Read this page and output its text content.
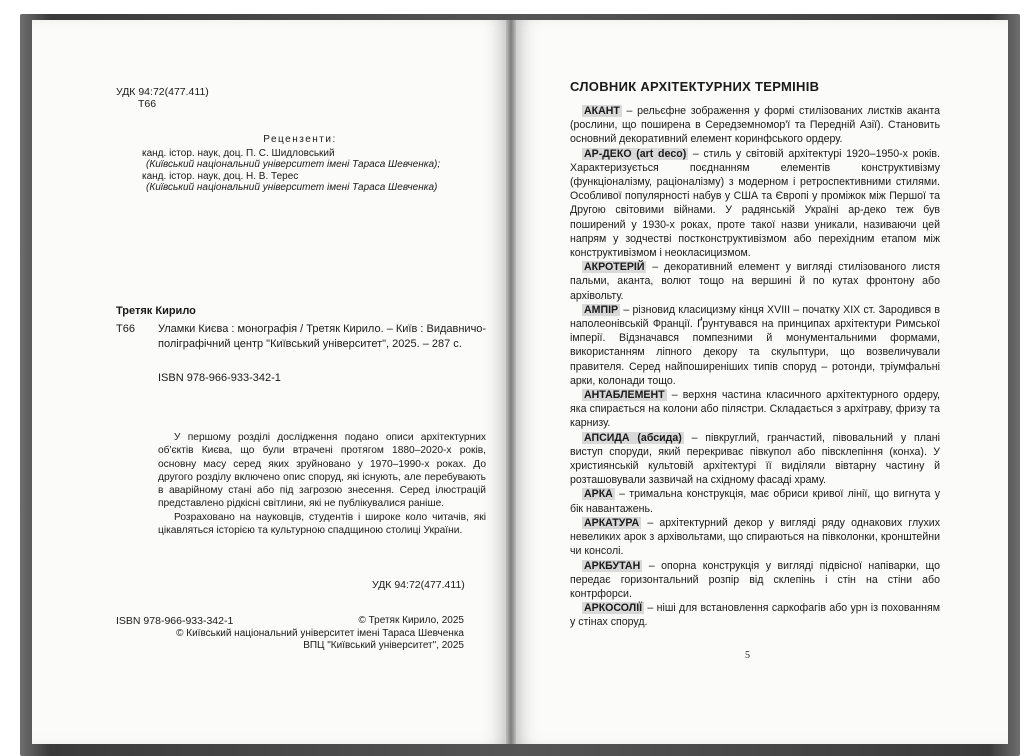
УДК 94:72(477.411)
Т66
Рецензенти:
канд. істор. наук, доц. П. С. Шидловський
(Київський національний університет імені Тараса Шевченка);
канд. істор. наук, доц. Н. В. Терес
(Київський національний університет імені Тараса Шевченка)
Третяк Кирило
Т66 Уламки Києва : монографія / Третяк Кирило. – Київ : Видавничо-поліграфічний центр "Київський університет", 2025. – 287 с.
ISBN 978-966-933-342-1

У першому розділі дослідження подано описи архітектурних об'єктів Києва, що були втрачені протягом 1880–2020-х років, основну масу серед яких зруйновано у 1970–1990-х роках. До другого розділу включено опис споруд, які існують, але перебувають в аварійному стані або під загрозою знесення. Серед ілюстрацій представлено рідкісні світлини, які не публікувалися раніше.

Розраховано на науковців, студентів і широке коло читачів, які цікавляться історією та культурною спадщиною столиці України.

УДК 94:72(477.411)
ISBN 978-966-933-342-1	© Третяк Кирило, 2025
© Київський національний університет імені Тараса Шевченка
ВПЦ "Київський університет", 2025
СЛОВНИК АРХІТЕКТУРНИХ ТЕРМІНІВ

АКАНТ – рельєфне зображення у формі стилізованих листків аканта (рослини, що поширена в Середземномор'ї та Передній Азії). Становить основний декоративний елемент коринфського ордеру.

АР-ДЕКО (art deco) – стиль у світовій архітектурі 1920–1950-х років. Характеризується поєднанням елементів конструктивізму (функціоналізму, раціоналізму) з модерном і ретроспективними стилями. Особливої популярності набув у США та Європі у проміжок між Першої та Другою світовими війнами. У радянській Україні ар-деко теж був поширений у 1930-х роках, проте такої назви уникали, називаючи цей напрям у зодчестві постконструктивізмом або перехідним етапом між конструктивізмом і неокласицизмом.

АКРОТЕРІЙ – декоративний елемент у вигляді стилізованого листя пальми, аканта, волют тощо на вершині й по кутах фронтону або архівольту.

АМПІР – різновид класицизму кінця XVIII – початку XIX ст. Зародився в наполеонівській Франції. Ґрунтувався на принципах архітектури Римської імперії. Відзначався помпезними й монументальними формами, використанням ліпного декору та скульптури, що возвеличували правителя. Серед найпоширеніших типів споруд – ротонди, тріумфальні арки, колонади тощо.

АНТАБЛЕМЕНТ – верхня частина класичного архітектурного ордеру, яка спирається на колони або пілястри. Складається з архітраву, фризу та карнизу.

АПСИДА (абсида) – півкруглий, гранчастий, півовальний у плані виступ споруди, який перекриває півкупол або півсклепіння (конха). У християнській культовій архітектурі її виділяли вівтарну частину й розташовували зазвичай на східному фасаді храму.

АРКА – тримальна конструкція, має обриси кривої лінії, що вигнута у бік навантажень.

АРКАТУРА – архітектурний декор у вигляді ряду однакових глухих невеликих арок з архівольтами, що спираються на півколонки, кронштейни чи консолі.

АРКБУТАН – опорна конструкція у вигляді підвісної напіварки, що передає горизонтальний розпір від склепінь і стін на стіни або контрфорси.

АРКОСОЛІЇ – ніші для встановлення саркофагів або урн із похованням у стінах споруд.

5
